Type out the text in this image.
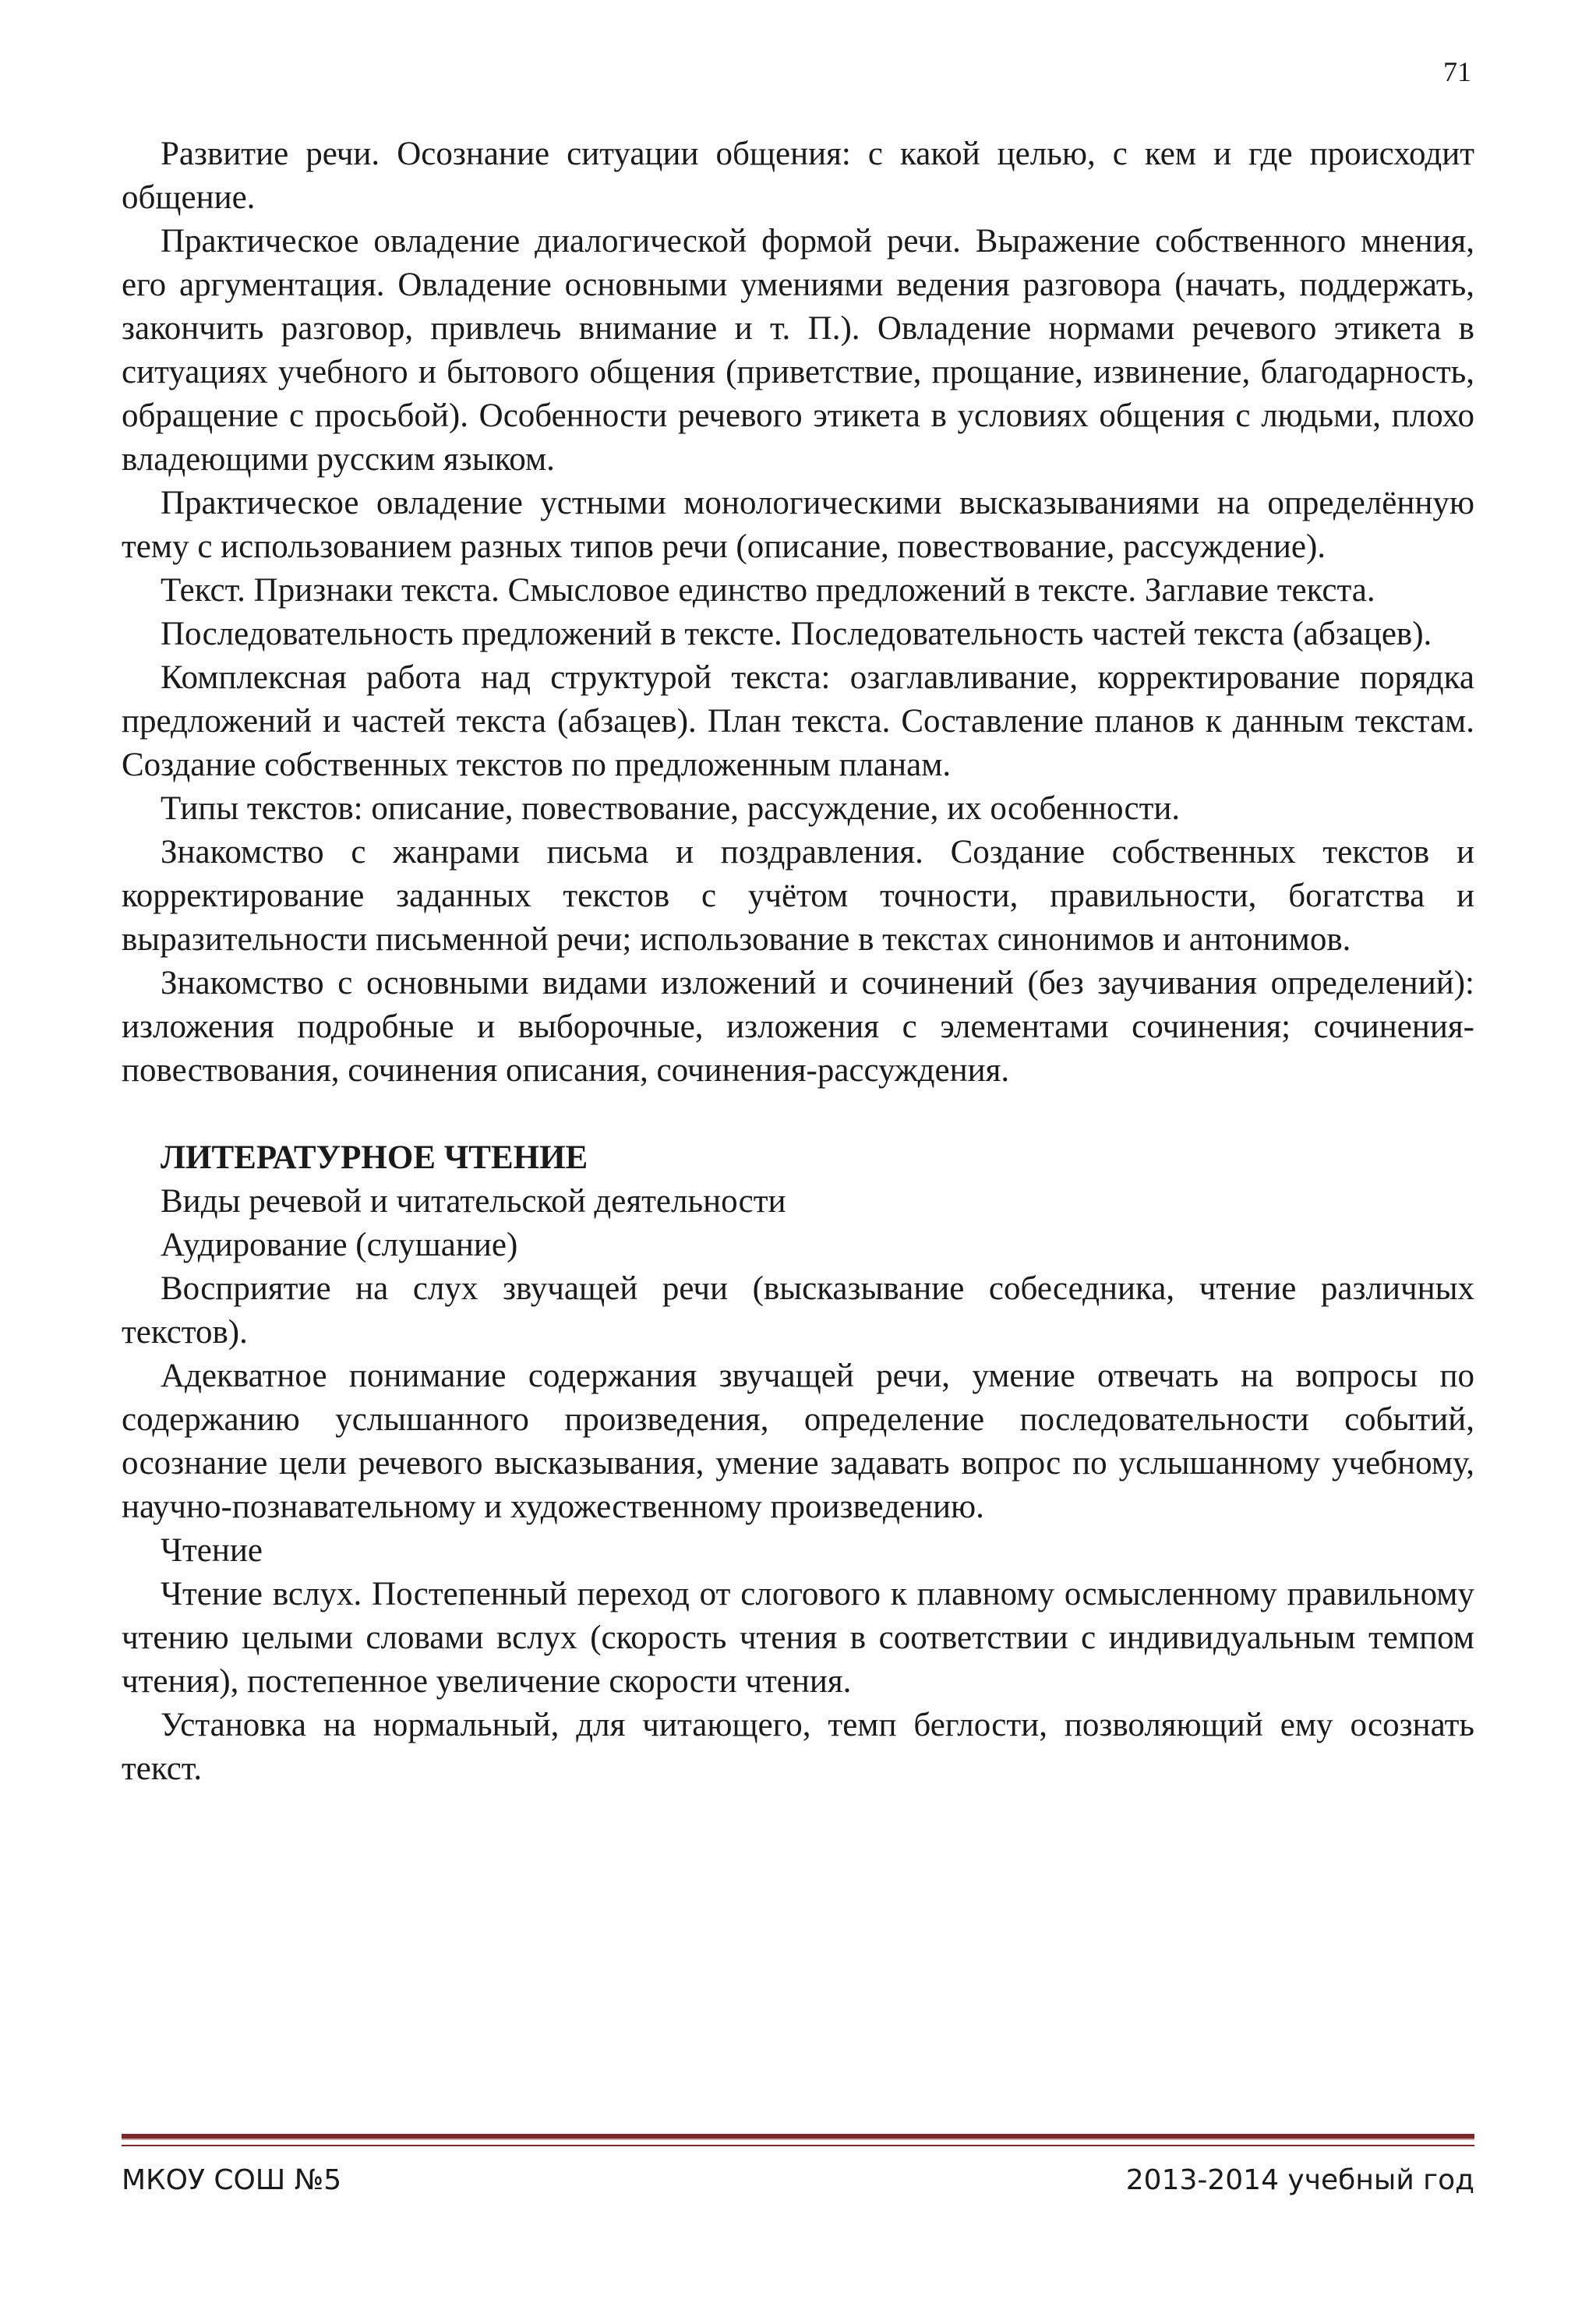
71

Развитие речи. Осознание ситуации общения: с какой целью, с кем и где происходит общение.

Практическое овладение диалогической формой речи. Выражение собственного мнения, его аргументация. Овладение основными умениями ведения разговора (начать, поддержать, закончить разговор, привлечь внимание и т. П.). Овладение нормами речевого этикета в ситуациях учебного и бытового общения (приветствие, прощание, извинение, благодарность, обращение с просьбой). Особенности речевого этикета в условиях общения с людьми, плохо владеющими русским языком.

Практическое овладение устными монологическими высказываниями на определённую тему с использованием разных типов речи (описание, повествование, рассуждение).

Текст. Признаки текста. Смысловое единство предложений в тексте. Заглавие текста.

Последовательность предложений в тексте. Последовательность частей текста (абзацев).

Комплексная работа над структурой текста: озаглавливание, корректирование порядка предложений и частей текста (абзацев). План текста. Составление планов к данным текстам. Создание собственных текстов по предложенным планам.

Типы текстов: описание, повествование, рассуждение, их особенности.

Знакомство с жанрами письма и поздравления. Создание собственных текстов и корректирование заданных текстов с учётом точности, правильности, богатства и выразительности письменной речи; использование в текстах синонимов и антонимов.

Знакомство с основными видами изложений и сочинений (без заучивания определений): изложения подробные и выборочные, изложения с элементами сочинения; сочинения-повествования, сочинения описания, сочинения-рассуждения.

ЛИТЕРАТУРНОЕ ЧТЕНИЕ

Виды речевой и читательской деятельности

Аудирование (слушание)

Восприятие на слух звучащей речи (высказывание собеседника, чтение различных текстов).

Адекватное понимание содержания звучащей речи, умение отвечать на вопросы по содержанию услышанного произведения, определение последовательности событий, осознание цели речевого высказывания, умение задавать вопрос по услышанному учебному, научно-познавательному и художественному произведению.

Чтение

Чтение вслух. Постепенный переход от слогового к плавному осмысленному правильному чтению целыми словами вслух (скорость чтения в соответствии с индивидуальным темпом чтения), постепенное увеличение скорости чтения.

Установка на нормальный, для читающего, темп беглости, позволяющий ему осознать текст.

МКОУ СОШ №5	2013-2014 учебный год
